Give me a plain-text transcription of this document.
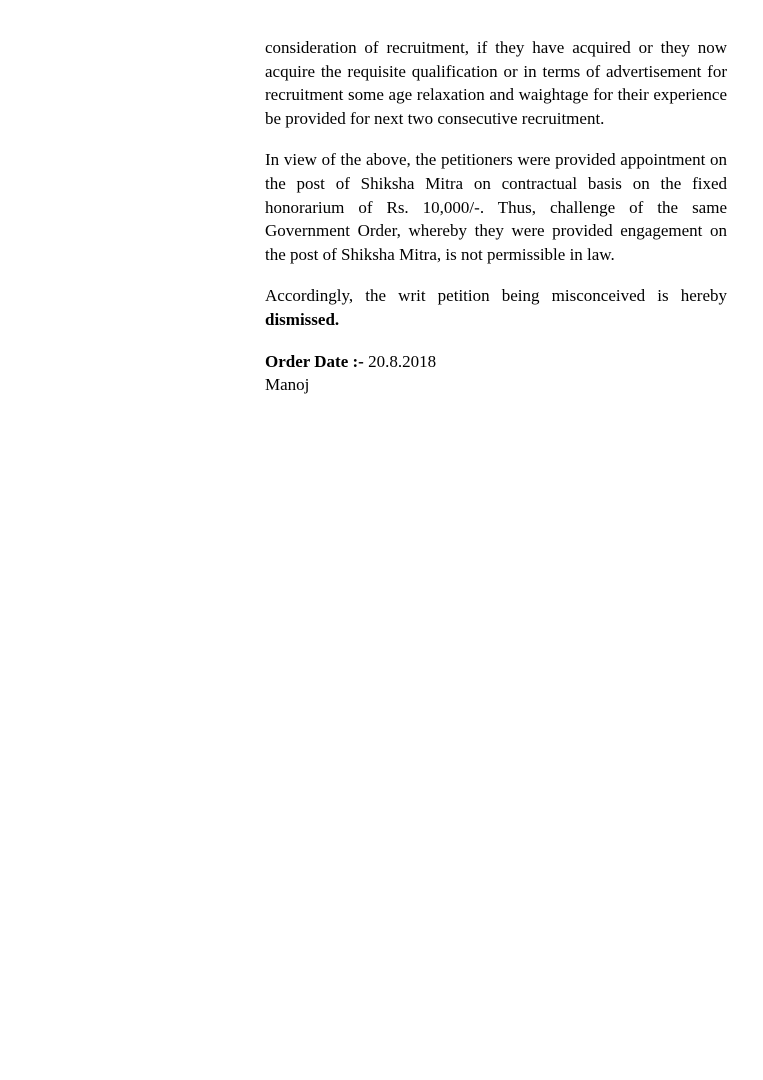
consideration of recruitment, if they have acquired or they now acquire the requisite qualification or in terms of advertisement for recruitment some age relaxation and waightage for their experience be provided for next two consecutive recruitment.

In view of the above, the petitioners were provided appointment on the post of Shiksha Mitra on contractual basis on the fixed honorarium of Rs. 10,000/-. Thus, challenge of the same Government Order, whereby they were provided engagement on the post of Shiksha Mitra, is not permissible in law.

Accordingly, the writ petition being misconceived is hereby dismissed.

Order Date :- 20.8.2018

Manoj
